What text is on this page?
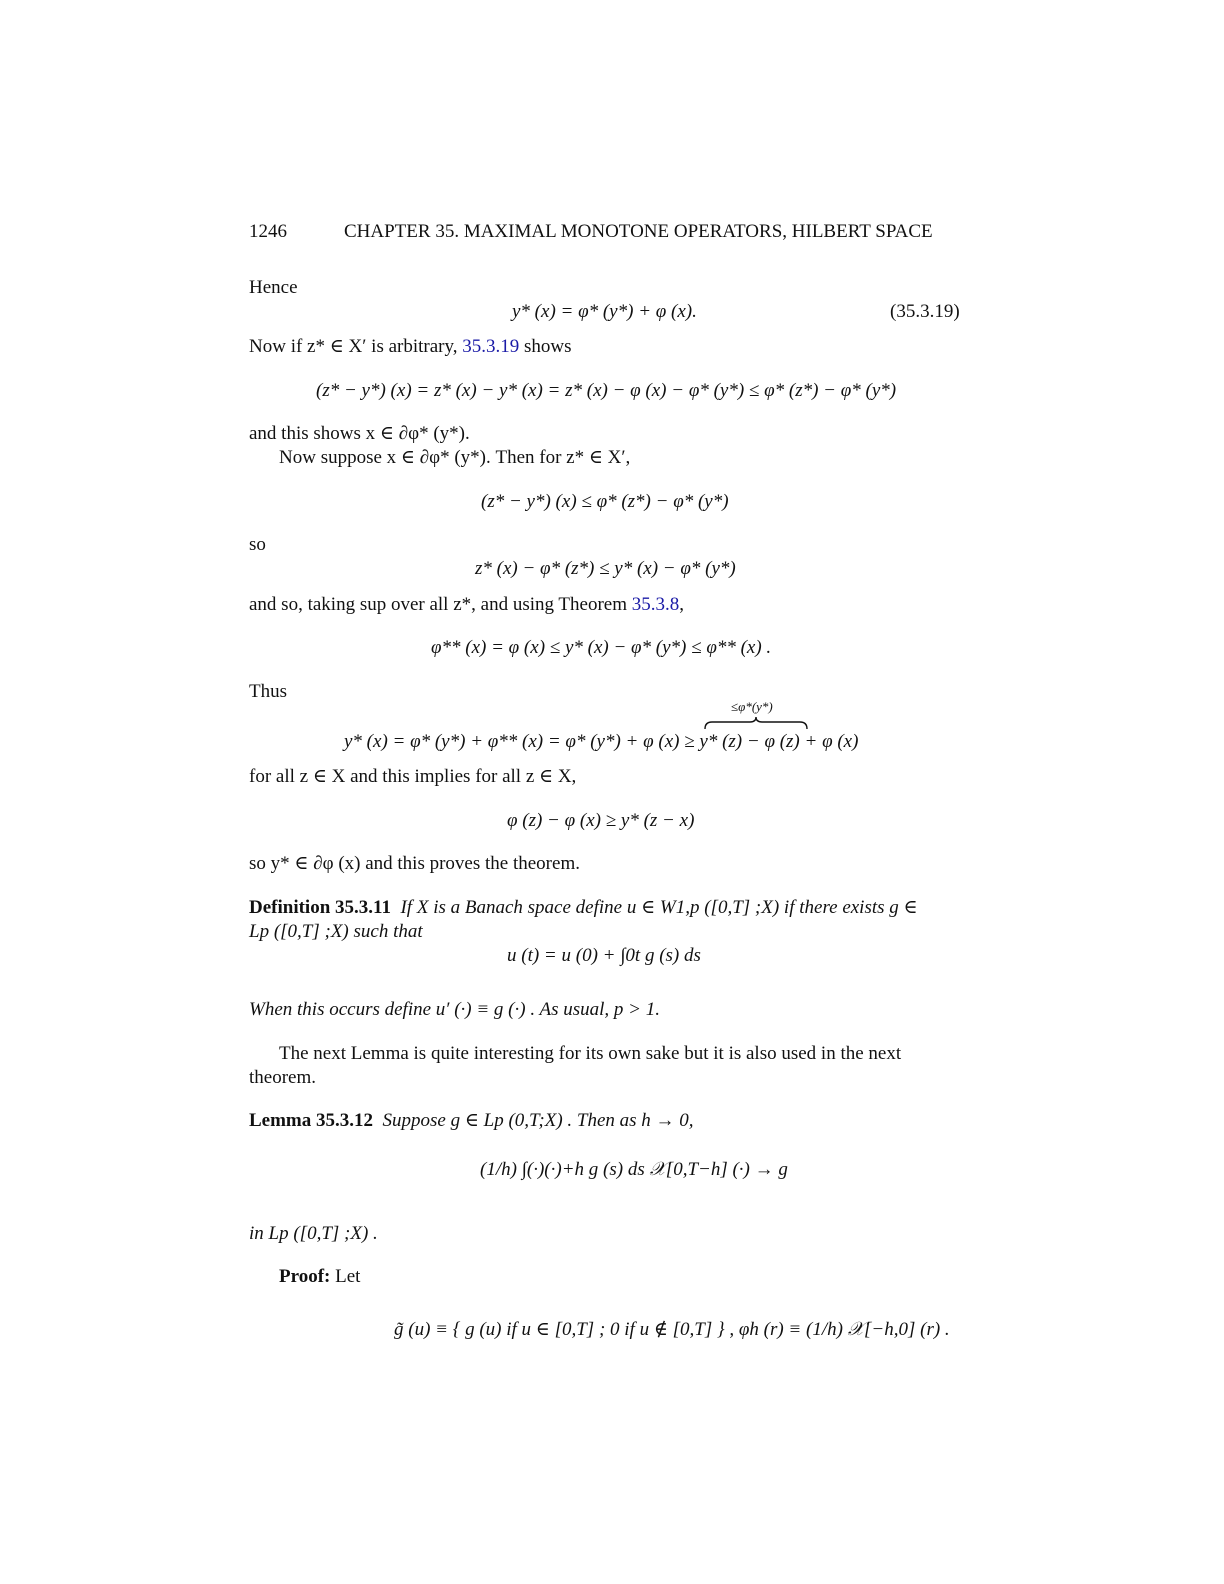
1246	CHAPTER 35. MAXIMAL MONOTONE OPERATORS, HILBERT SPACE
Hence
y* (x) = φ* (y*) + φ (x).	(35.3.19)
Now if z* ∈ X′ is arbitrary, 35.3.19 shows
(z* − y*) (x) = z* (x) − y* (x) = z* (x) − φ (x) − φ* (y*) ≤ φ* (z*) − φ* (y*)
and this shows x ∈ ∂φ* (y*).
Now suppose x ∈ ∂φ* (y*). Then for z* ∈ X′,
(z* − y*) (x) ≤ φ* (z*) − φ* (y*)
so
z* (x) − φ* (z*) ≤ y* (x) − φ* (y*)
and so, taking sup over all z*, and using Theorem 35.3.8,
φ** (x) = φ (x) ≤ y* (x) − φ* (y*) ≤ φ** (x) .
Thus
≤φ*(y*)
y* (x) = φ* (y*) + φ** (x) = φ* (y*) + φ (x) ≥ y* (z) − φ (z) + φ (x)
for all z ∈ X and this implies for all z ∈ X,
φ (z) − φ (x) ≥ y* (z − x)
so y* ∈ ∂φ (x) and this proves the theorem.
Definition 35.3.11 If X is a Banach space define u ∈ W1,p ([0,T] ;X) if there exists g ∈
Lp ([0,T] ;X) such that
u (t) = u (0) + ∫0t g (s) ds
When this occurs define u′ (·) ≡ g (·) . As usual, p > 1.
The next Lemma is quite interesting for its own sake but it is also used in the next
theorem.
Lemma 35.3.12 Suppose g ∈ Lp (0,T;X) . Then as h → 0,
(1/h) ∫(·)(·)+h g (s) ds 𝒳[0,T−h] (·) → g
in Lp ([0,T] ;X) .
Proof: Let
g̃ (u) ≡ { g (u) if u ∈ [0,T] ; 0 if u ∉ [0,T] } , φh (r) ≡ (1/h) 𝒳[−h,0] (r) .
